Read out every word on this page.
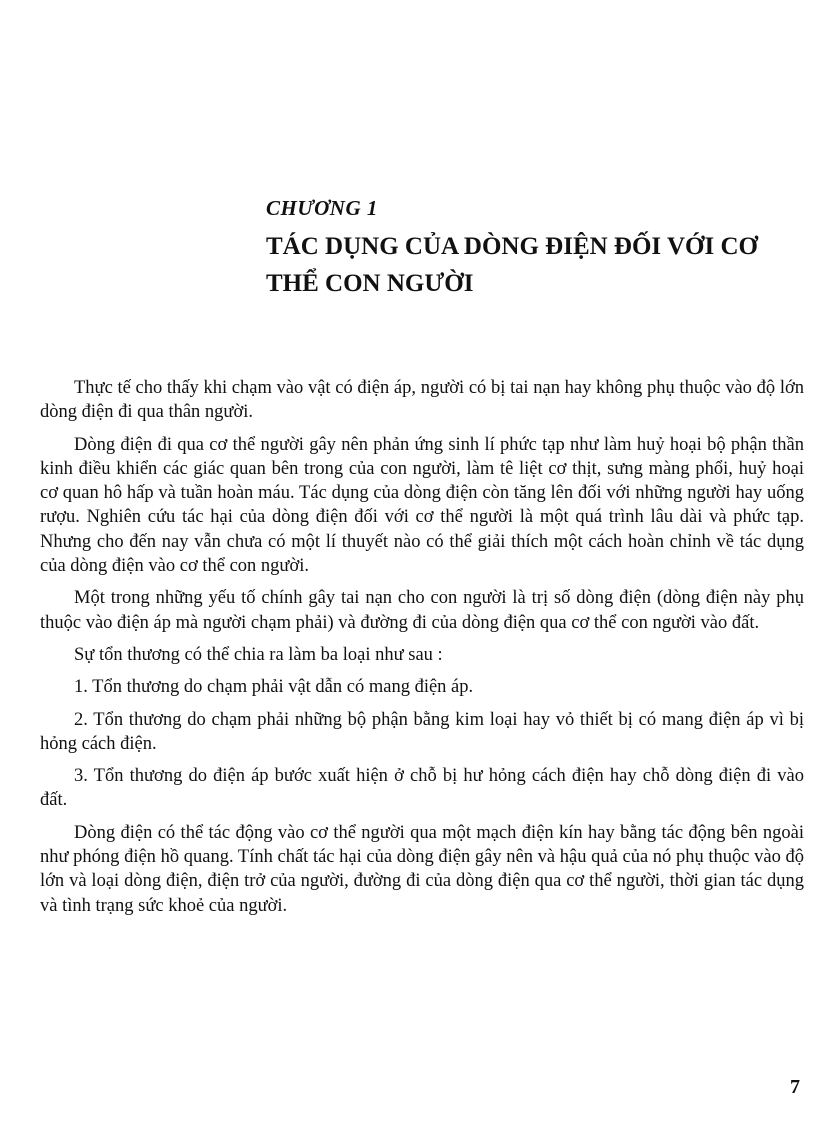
CHƯƠNG 1
TÁC DỤNG CỦA DÒNG ĐIỆN ĐỐI VỚI CƠ THỂ CON NGƯỜI

Thực tế cho thấy khi chạm vào vật có điện áp, người có bị tai nạn hay không phụ thuộc vào độ lớn dòng điện đi qua thân người.

Dòng điện đi qua cơ thể người gây nên phản ứng sinh lí phức tạp như làm huỷ hoại bộ phận thần kinh điều khiển các giác quan bên trong của con người, làm tê liệt cơ thịt, sưng màng phổi, huỷ hoại cơ quan hô hấp và tuần hoàn máu. Tác dụng của dòng điện còn tăng lên đối với những người hay uống rượu. Nghiên cứu tác hại của dòng điện đối với cơ thể người là một quá trình lâu dài và phức tạp. Nhưng cho đến nay vẫn chưa có một lí thuyết nào có thể giải thích một cách hoàn chỉnh về tác dụng của dòng điện vào cơ thể con người.

Một trong những yếu tố chính gây tai nạn cho con người là trị số dòng điện (dòng điện này phụ thuộc vào điện áp mà người chạm phải) và đường đi của dòng điện qua cơ thể con người vào đất.

Sự tổn thương có thể chia ra làm ba loại như sau :

1. Tổn thương do chạm phải vật dẫn có mang điện áp.

2. Tổn thương do chạm phải những bộ phận bằng kim loại hay vỏ thiết bị có mang điện áp vì bị hỏng cách điện.

3. Tổn thương do điện áp bước xuất hiện ở chỗ bị hư hỏng cách điện hay chỗ dòng điện đi vào đất.

Dòng điện có thể tác động vào cơ thể người qua một mạch điện kín hay bằng tác động bên ngoài như phóng điện hồ quang. Tính chất tác hại của dòng điện gây nên và hậu quả của nó phụ thuộc vào độ lớn và loại dòng điện, điện trở của người, đường đi của dòng điện qua cơ thể người, thời gian tác dụng và tình trạng sức khoẻ của người.

7
